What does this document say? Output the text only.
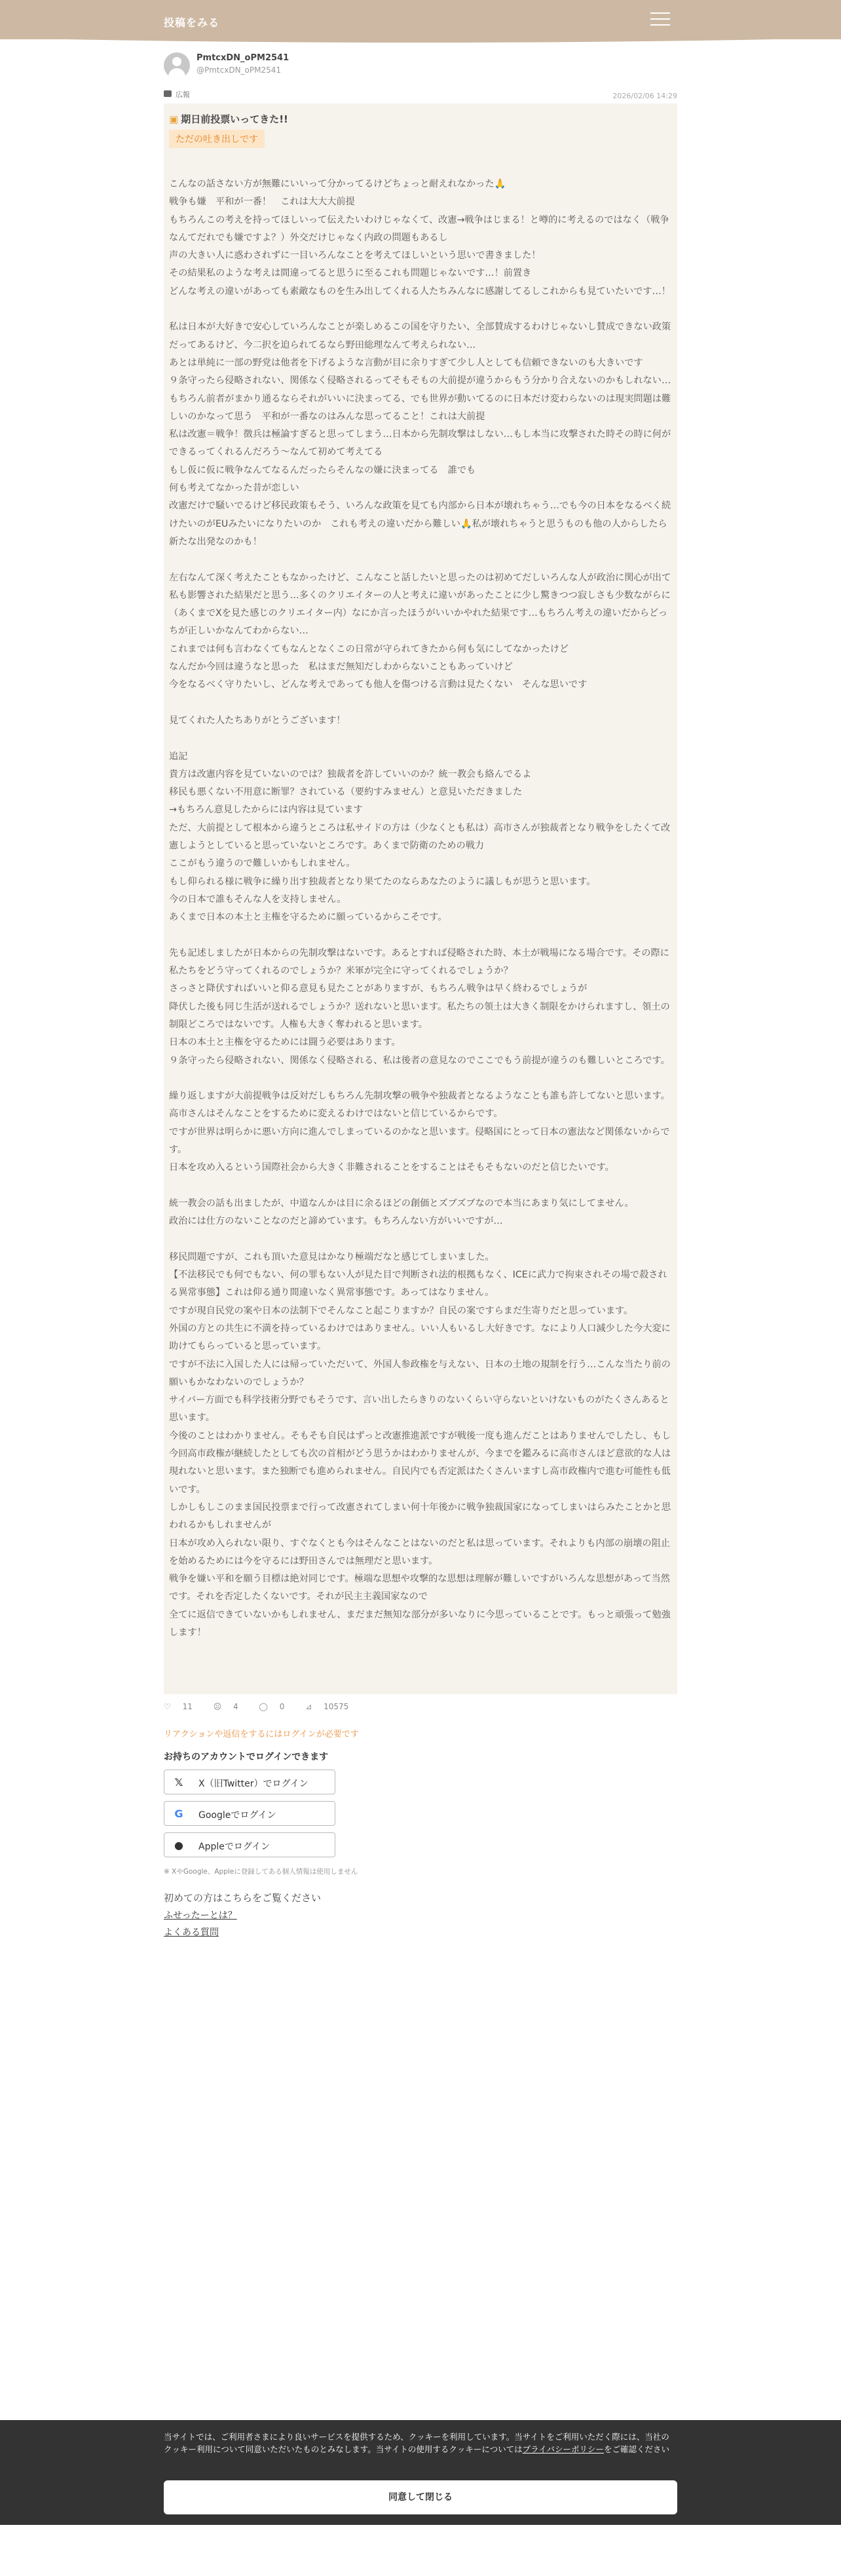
投稿をみる
PmtcxDN_oPM2541
@PmtcxDN_oPM2541
広報	2026/02/06 14:29
▣ 期日前投票いってきた!!
ただの吐き出しです
こんなの話さない方が無難にいいって分かってるけどちょっと耐えれなかった🙏
戦争も嫌　平和が一番！　これは大大大前提
もちろんこの考えを持ってほしいって伝えたいわけじゃなくて、改憲→戦争はじまる！と噂的に考えるのではなく（戦争なんてだれでも嫌ですよ？）外交だけじゃなく内政の問題もあるし
声の大きい人に惑わされずに一目いろんなことを考えてほしいという思いで書きました！
その結果私のような考えは間違ってると思うに至るこれも問題じゃないです…！前置き
どんな考えの違いがあっても素敵なものを生み出してくれる人たちみんなに感謝してるしこれからも見ていたいです…！

私は日本が大好きで安心していろんなことが楽しめるこの国を守りたい、全部賛成するわけじゃないし賛成できない政策だってあるけど、今二択を迫られてるなら野田総理なんて考えられない…
あとは単純に一部の野党は他者を下げるような言動が目に余りすぎて少し人としても信頼できないのも大きいです
９条守ったら侵略されない、関係なく侵略されるってそもそもの大前提が違うからもう分かり合えないのかもしれない…もちろん前者がまかり通るならそれがいいに決まってる、でも世界が動いてるのに日本だけ変わらないのは現実問題は難しいのかなって思う　平和が一番なのはみんな思ってること！これは大前提
私は改憲＝戦争！徴兵は極論すぎると思ってしまう…日本から先制攻撃はしない…もし本当に攻撃された時その時に何ができるってくれるんだろう〜なんて初めて考えてる
もし仮に仮に戦争なんてなるんだったらそんなの嫌に決まってる　誰でも
何も考えてなかった昔が恋しい
改憲だけで騒いでるけど移民政策もそう、いろんな政策を見ても内部から日本が壊れちゃう…でも今の日本をなるべく続けたいのがEUみたいになりたいのか　これも考えの違いだから難しい🙏私が壊れちゃうと思うものも他の人からしたら新たな出発なのかも！

左右なんて深く考えたこともなかったけど、こんなこと話したいと思ったのは初めてだしいろんな人が政治に関心が出て私も影響された結果だと思う…多くのクリエイターの人と考えに違いがあったことに少し驚きつつ寂しさも少数ながらに（あくまでXを見た感じのクリエイター内）なにか言ったほうがいいかやれた結果です…もちろん考えの違いだからどっちが正しいかなんてわからない…
これまでは何も言わなくてもなんとなくこの日常が守られてきたから何も気にしてなかったけど
なんだか今回は違うなと思った　私はまだ無知だしわからないこともあっていけど
今をなるべく守りたいし、どんな考えであっても他人を傷つける言動は見たくない　そんな思いです

見てくれた人たちありがとうございます！

追記
貴方は改憲内容を見ていないのでは？独裁者を許していいのか？統一教会も絡んでるよ
移民も悪くない不用意に断罪？されている（要約すみません）と意見いただきました
→もちろん意見したからには内容は見ています
ただ、大前提として根本から違うところは私サイドの方は（少なくとも私は）高市さんが独裁者となり戦争をしたくて改憲しようとしていると思っていないところです。あくまで防衛のための戦力
ここがもう違うので難しいかもしれません。
もし仰られる様に戦争に繰り出す独裁者となり果てたのならあなたのように議しもが思うと思います。
今の日本で誰もそんな人を支持しません。
あくまで日本の本土と主権を守るために願っているからこそです。

先も記述しましたが日本からの先制攻撃はないです。あるとすれば侵略された時、本土が戦場になる場合です。その際に私たちをどう守ってくれるのでしょうか？米軍が完全に守ってくれるでしょうか？
さっさと降伏すればいいと仰る意見も見たことがありますが、もちろん戦争は早く終わるでしょうが
降伏した後も同じ生活が送れるでしょうか？送れないと思います。私たちの領土は大きく制限をかけられますし、領土の制限どころではないです。人権も大きく奪われると思います。
日本の本土と主権を守るためには闘う必要はあります。
９条守ったら侵略されない、関係なく侵略される、私は後者の意見なのでここでもう前提が違うのも難しいところです。

繰り返しますが大前提戦争は反対だしもちろん先制攻撃の戦争や独裁者となるようなことも誰も許してないと思います。高市さんはそんなことをするために変えるわけではないと信じているからです。
ですが世界は明らかに悪い方向に進んでしまっているのかなと思います。侵略国にとって日本の憲法など関係ないからです。
日本を攻め入るという国際社会から大きく非難されることをすることはそもそもないのだと信じたいです。

統一教会の話も出ましたが、中道なんかは目に余るほどの創価とズブズブなので本当にあまり気にしてません。
政治には仕方のないことなのだと諦めています。もちろんない方がいいですが…

移民問題ですが、これも頂いた意見はかなり極端だなと感じてしまいました。
【不法移民でも何でもない、何の罪もない人が見た目で判断され法的根拠もなく、ICEに武力で拘束されその場で殺される異常事態】これは仰る通り間違いなく異常事態です。あってはなりません。
ですが現自民党の案や日本の法制下でそんなこと起こりますか？自民の案ですらまだ生寄りだと思っています。
外国の方との共生に不満を持っているわけではありません。いい人もいるし大好きです。なにより人口減少した今大変に助けてもらっていると思っています。
ですが不法に入国した人には帰っていただいて、外国人参政権を与えない、日本の土地の規制を行う…こんな当たり前の願いもかなわないのでしょうか？
サイバー方面でも科学技術分野でもそうです、言い出したらきりのないくらい守らないといけないものがたくさんあると思います。
今後のことはわかりません。そもそも自民はずっと改憲推進派ですが戦後一度も進んだことはありませんでしたし、もし今回高市政権が継続したとしても次の首相がどう思うかはわかりませんが、今までを鑑みるに高市さんほど意欲的な人は現れないと思います。また独断でも進められません。自民内でも否定派はたくさんいますし高市政権内で進む可能性も低いです。
しかしもしこのまま国民投票まで行って改憲されてしまい何十年後かに戦争独裁国家になってしまいはらみたことかと思われるかもしれませんが
日本が攻め入られない限り、すぐなくとも今はそんなことはないのだと私は思っています。それよりも内部の崩壊の阻止を始めるためには今を守るには野田さんでは無理だと思います。
戦争を嫌い平和を願う目標は絶対同じです。極端な思想や攻撃的な思想は理解が難しいですがいろんな思想があって当然です。それを否定したくないです。それが民主主義国家なので
全てに返信できていないかもしれません、まだまだ無知な部分が多いなりに今思っていることです。もっと頑張って勉強します！
♡ 11	☹ 4	◯ 0	⊿ 10575
リアクションや返信をするにはログインが必要です
お持ちのアカウントでログインできます
𝕏 X（旧Twitter）でログイン
G Googleでログイン
● Appleでログイン
※ XやGoogle、Appleに登録してある個人情報は使用しません
初めての方はこちらをご覧ください
ふせったーとは？
よくある質問
当サイトでは、ご利用者さまにより良いサービスを提供するため、クッキーを利用しています。当サイトをご利用いただく際には、当社のクッキー利用について同意いただいたものとみなします。当サイトの使用するクッキーについてはプライバシーポリシーをご確認ください
同意して閉じる
